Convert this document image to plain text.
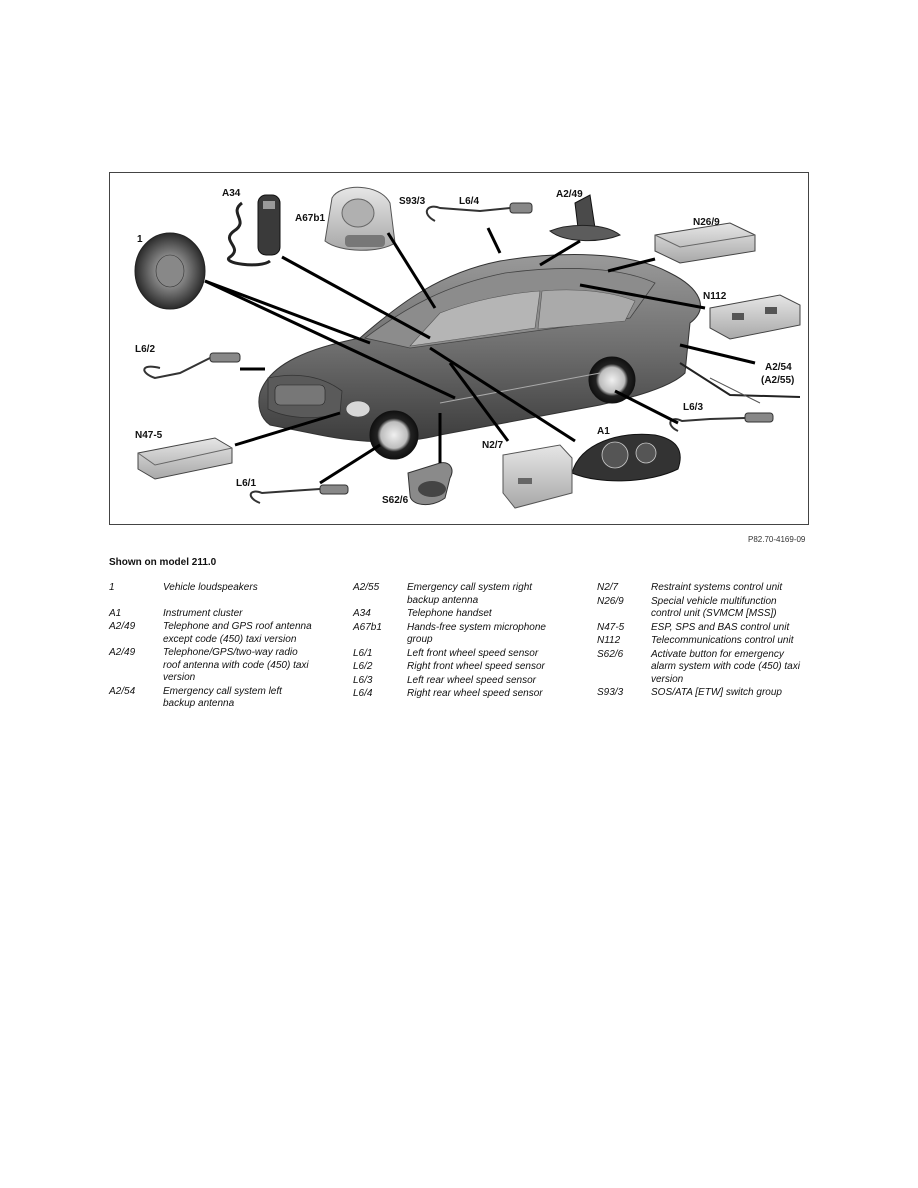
1
A34
A67b1
S93/3	L6/4
A2/49
N26/9
N112
L6/2
A2/54
(A2/55)
L6/3
A1
N2/7
N47-5
L6/1
S62/6
P82.70-4169-09
Shown on model 211.0
1	Vehicle loudspeakers
A1	Instrument cluster
A2/49	Telephone and GPS roof antenna except code (450) taxi version
A2/49	Telephone/GPS/two-way radio roof antenna with code (450) taxi version
A2/54	Emergency call system left backup antenna
A2/55	Emergency call system right backup antenna
A34	Telephone handset
A67b1	Hands-free system microphone group
L6/1	Left front wheel speed sensor
L6/2	Right front wheel speed sensor
L6/3	Left rear wheel speed sensor
L6/4	Right rear wheel speed sensor
N2/7	Restraint systems control unit
N26/9	Special vehicle multifunction control unit (SVMCM [MSS])
N47-5	ESP, SPS and BAS control unit
N112	Telecommunications control unit
S62/6	Activate button for emergency alarm system with code (450) taxi version
S93/3	SOS/ATA [ETW] switch group
